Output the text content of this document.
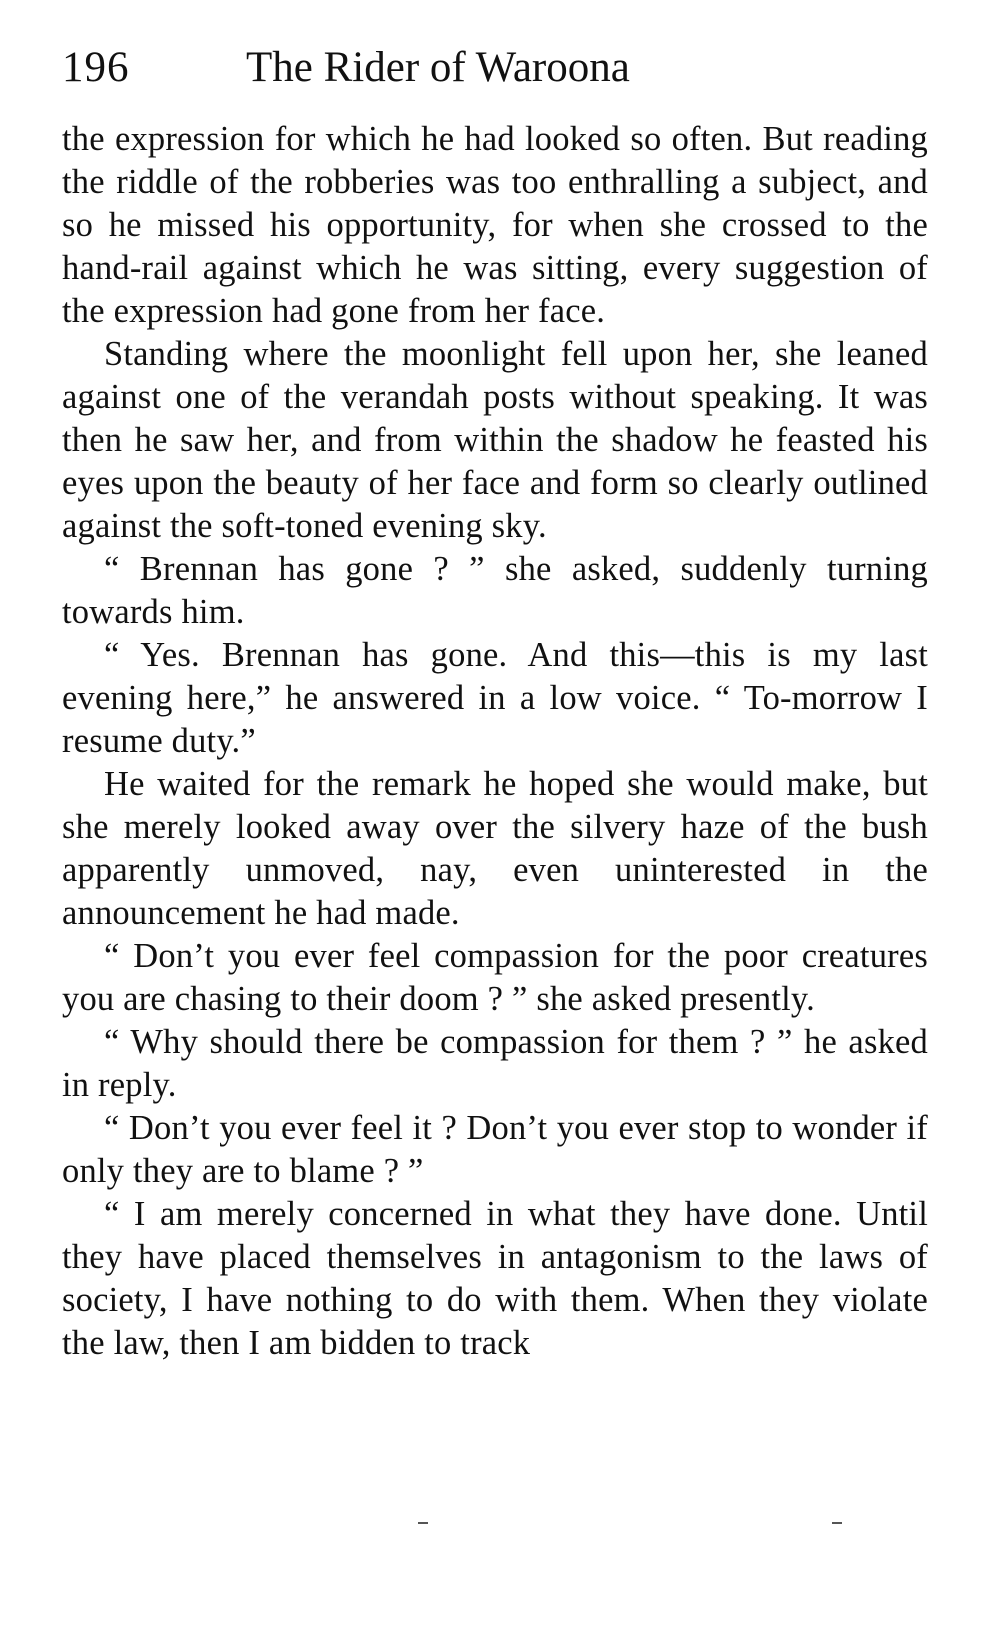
196	The Rider of Waroona

the expression for which he had looked so often. But reading the riddle of the robberies was too enthralling a subject, and so he missed his opportunity, for when she crossed to the hand-rail against which he was sitting, every suggestion of the expression had gone from her face.

Standing where the moonlight fell upon her, she leaned against one of the verandah posts without speaking. It was then he saw her, and from within the shadow he feasted his eyes upon the beauty of her face and form so clearly outlined against the soft-toned evening sky.

“ Brennan has gone ? ” she asked, suddenly turning towards him.

“ Yes. Brennan has gone. And this—this is my last evening here,” he answered in a low voice. “ To-morrow I resume duty.”

He waited for the remark he hoped she would make, but she merely looked away over the silvery haze of the bush apparently unmoved, nay, even uninterested in the announcement he had made.

“ Don’t you ever feel compassion for the poor creatures you are chasing to their doom ? ” she asked presently.

“ Why should there be compassion for them ? ” he asked in reply.

“ Don’t you ever feel it ? Don’t you ever stop to wonder if only they are to blame ? ”

“ I am merely concerned in what they have done. Until they have placed themselves in antagonism to the laws of society, I have nothing to do with them. When they violate the law, then I am bidden to track
